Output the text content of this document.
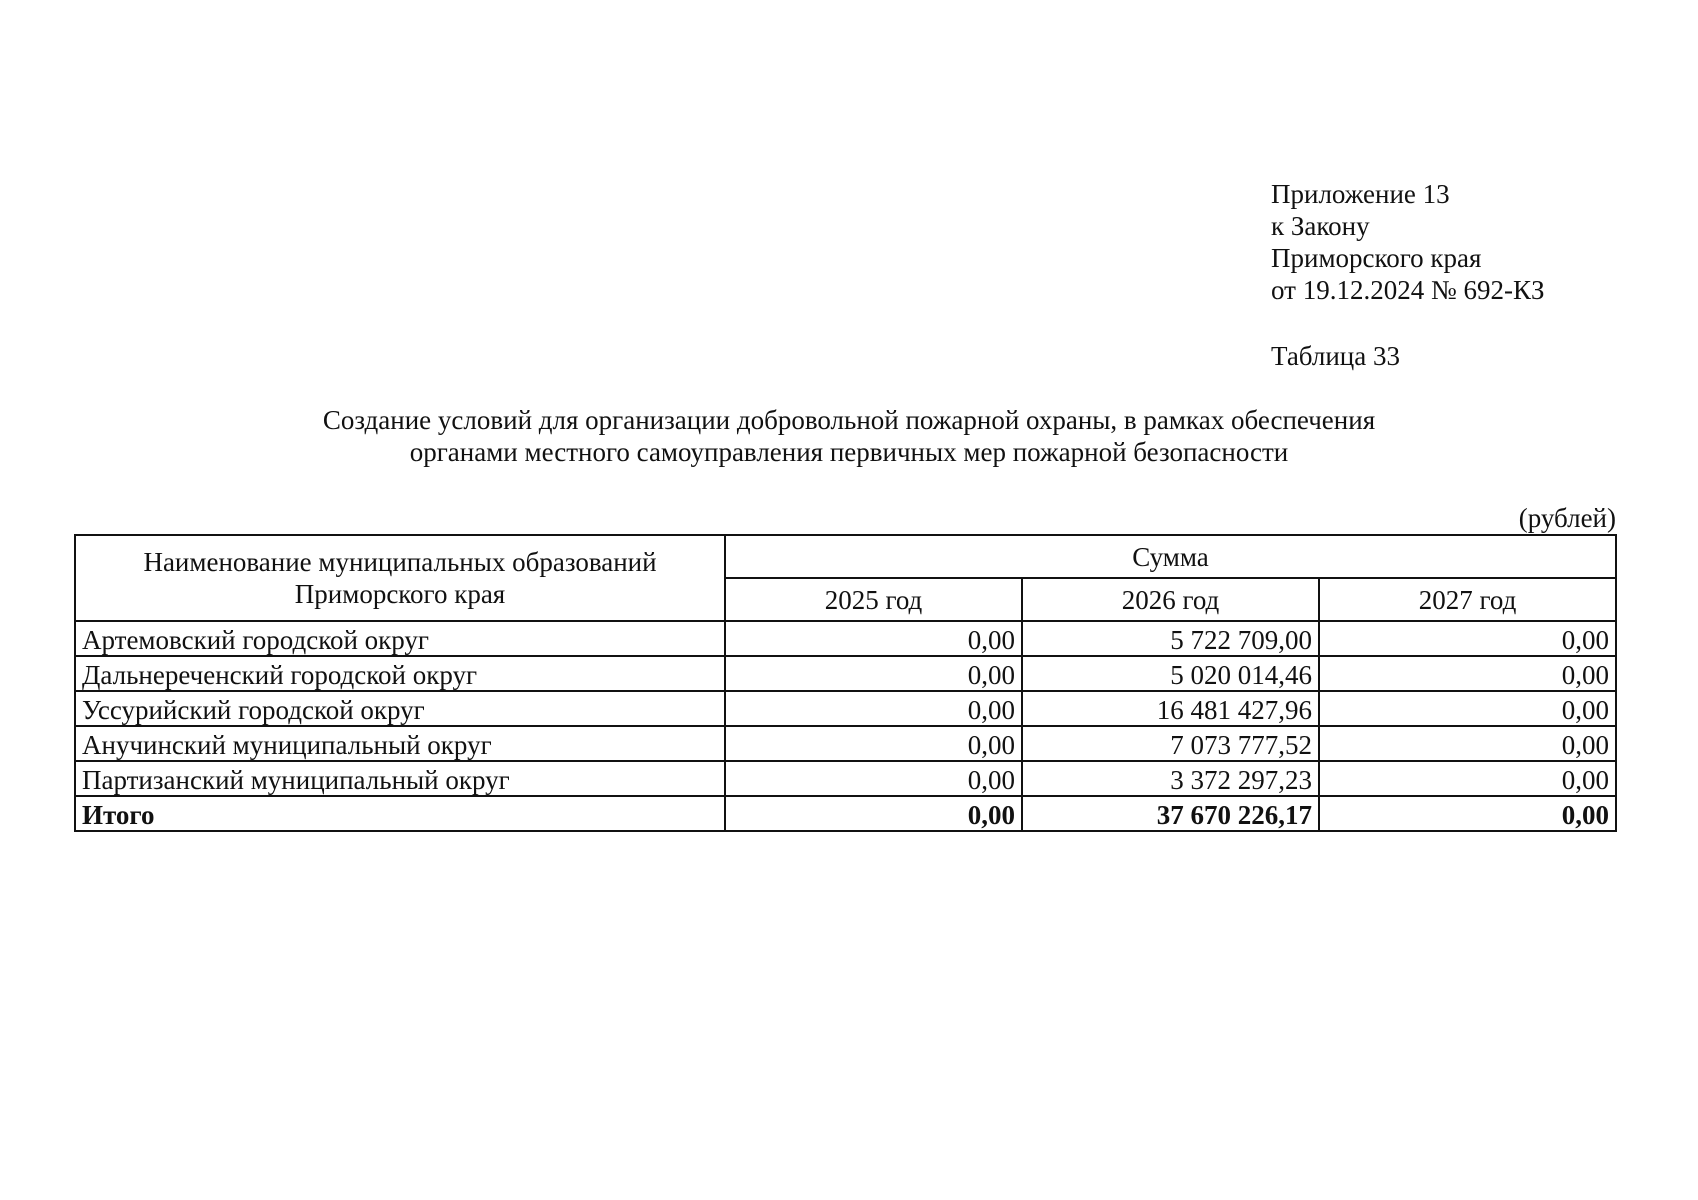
Приложение 13
к Закону
Приморского края
от 19.12.2024 № 692-КЗ
Таблица 33
Создание условий для организации добровольной пожарной охраны, в рамках обеспечения
органами местного самоуправления первичных мер пожарной безопасности
(рублей)
Наименование муниципальных образований
Приморского края	Сумма		
	2025 год	2026 год	2027 год
Артемовский городской округ	0,00	5 722 709,00	0,00
Дальнереченский городской округ	0,00	5 020 014,46	0,00
Уссурийский городской округ	0,00	16 481 427,96	0,00
Анучинский муниципальный округ	0,00	7 073 777,52	0,00
Партизанский муниципальный округ	0,00	3 372 297,23	0,00
Итого	0,00	37 670 226,17	0,00
